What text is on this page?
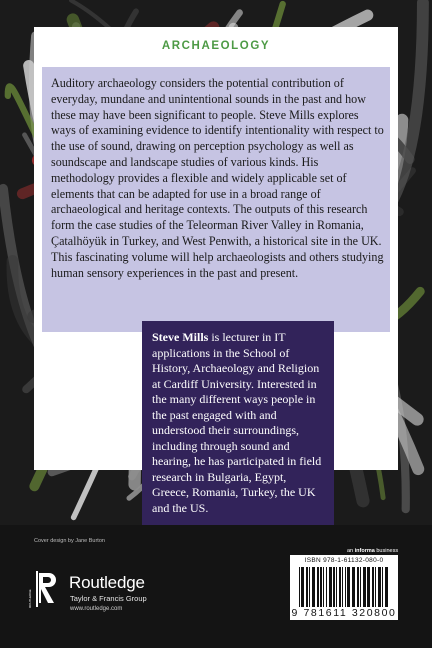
ARCHAEOLOGY
Auditory archaeology considers the potential contribution of everyday, mundane and unintentional sounds in the past and how these may have been significant to people. Steve Mills explores ways of examining evidence to identify intentionality with respect to the use of sound, drawing on perception psychology as well as soundscape and landscape studies of various kinds. His methodology provides a flexible and widely applicable set of elements that can be adapted for use in a broad range of archaeological and heritage contexts. The outputs of this research form the case studies of the Teleorman River Valley in Romania, Çatalhöyük in Turkey, and West Penwith, a historical site in the UK. This fascinating volume will help archaeologists and others studying human sensory experiences in the past and present.
Steve Mills is lecturer in IT applications in the School of History, Archaeology and Religion at Cardiff University. Interested in the many different ways people in the past engaged with and understood their surroundings, including through sound and hearing, he has participated in field research in Bulgaria, Egypt, Greece, Romania, Turkey, the UK and the US.
Cover design by Jane Burton
ROUTLEDGE
Routledge
Taylor & Francis Group
www.routledge.com
an informa business
ISBN 978-1-61132-080-0
9 781611 320800
